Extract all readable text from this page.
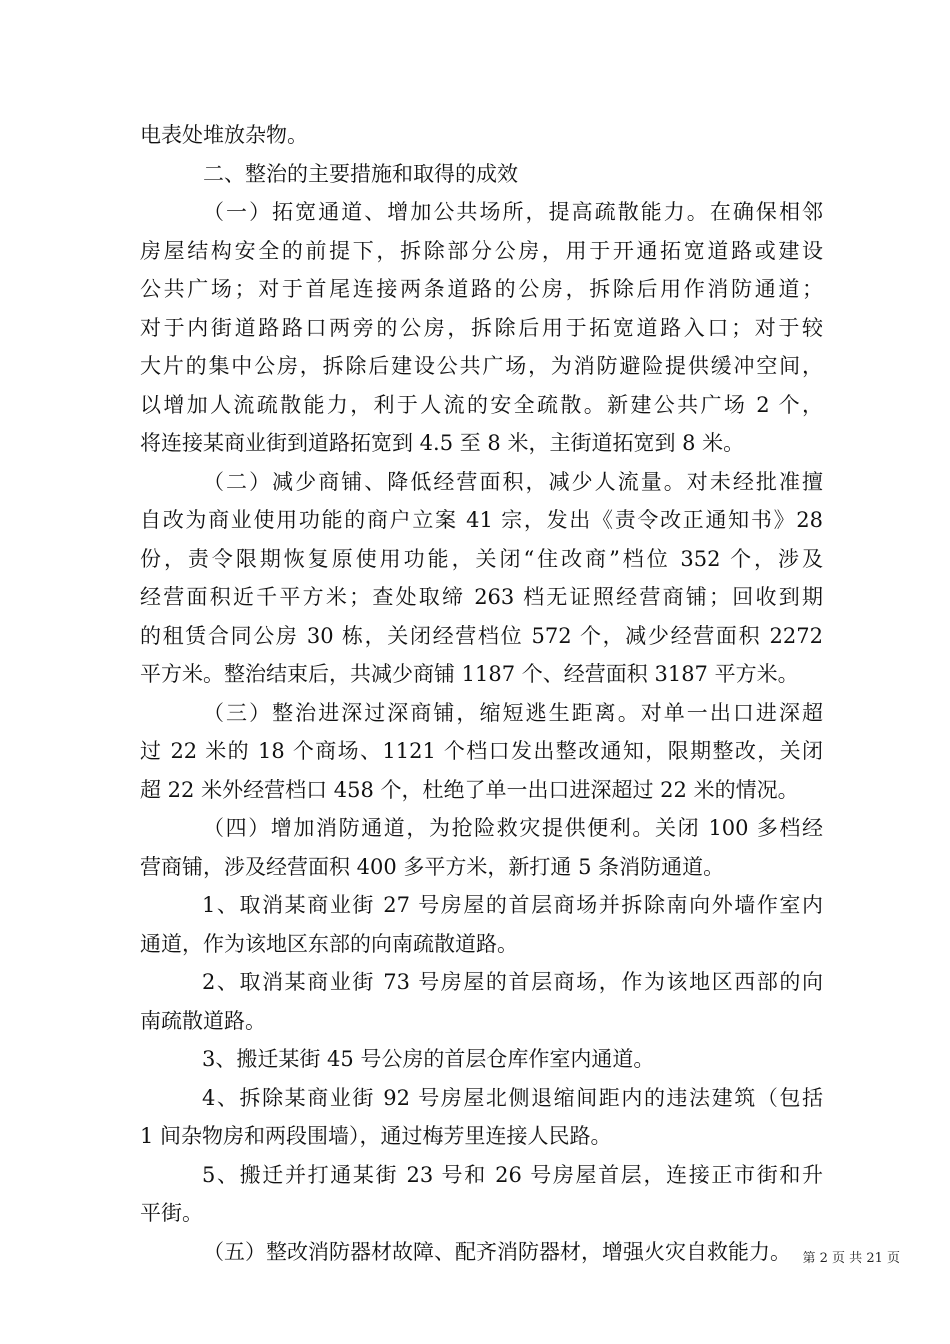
电表处堆放杂物。
二、整治的主要措施和取得的成效
（一）拓宽通道、增加公共场所，提高疏散能力。在确保相邻
房屋结构安全的前提下，拆除部分公房，用于开通拓宽道路或建设
公共广场；对于首尾连接两条道路的公房，拆除后用作消防通道；
对于内街道路路口两旁的公房，拆除后用于拓宽道路入口；对于较
大片的集中公房，拆除后建设公共广场，为消防避险提供缓冲空间，
以增加人流疏散能力，利于人流的安全疏散。新建公共广场 2 个，
将连接某商业街到道路拓宽到 4.5 至 8 米，主街道拓宽到 8 米。
（二）减少商铺、降低经营面积，减少人流量。对未经批准擅
自改为商业使用功能的商户立案 41 宗，发出《责令改正通知书》28
份，责令限期恢复原使用功能，关闭“住改商”档位 352 个，涉及
经营面积近千平方米；查处取缔 263 档无证照经营商铺；回收到期
的租赁合同公房 30 栋，关闭经营档位 572 个，减少经营面积 2272
平方米。整治结束后，共减少商铺 1187 个、经营面积 3187 平方米。
（三）整治进深过深商铺，缩短逃生距离。对单一出口进深超
过 22 米的 18 个商场、1121 个档口发出整改通知，限期整改，关闭
超 22 米外经营档口 458 个，杜绝了单一出口进深超过 22 米的情况。
（四）增加消防通道，为抢险救灾提供便利。关闭 100 多档经
营商铺，涉及经营面积 400 多平方米，新打通 5 条消防通道。
1、取消某商业街 27 号房屋的首层商场并拆除南向外墙作室内
通道，作为该地区东部的向南疏散道路。
2、取消某商业街 73 号房屋的首层商场，作为该地区西部的向
南疏散道路。
3、搬迁某街 45 号公房的首层仓库作室内通道。
4、拆除某商业街 92 号房屋北侧退缩间距内的违法建筑（包括
1 间杂物房和两段围墙），通过梅芳里连接人民路。
5、搬迁并打通某街 23 号和 26 号房屋首层，连接正市街和升
平街。
（五）整改消防器材故障、配齐消防器材，增强火灾自救能力。 第 2 页 共 21 页
